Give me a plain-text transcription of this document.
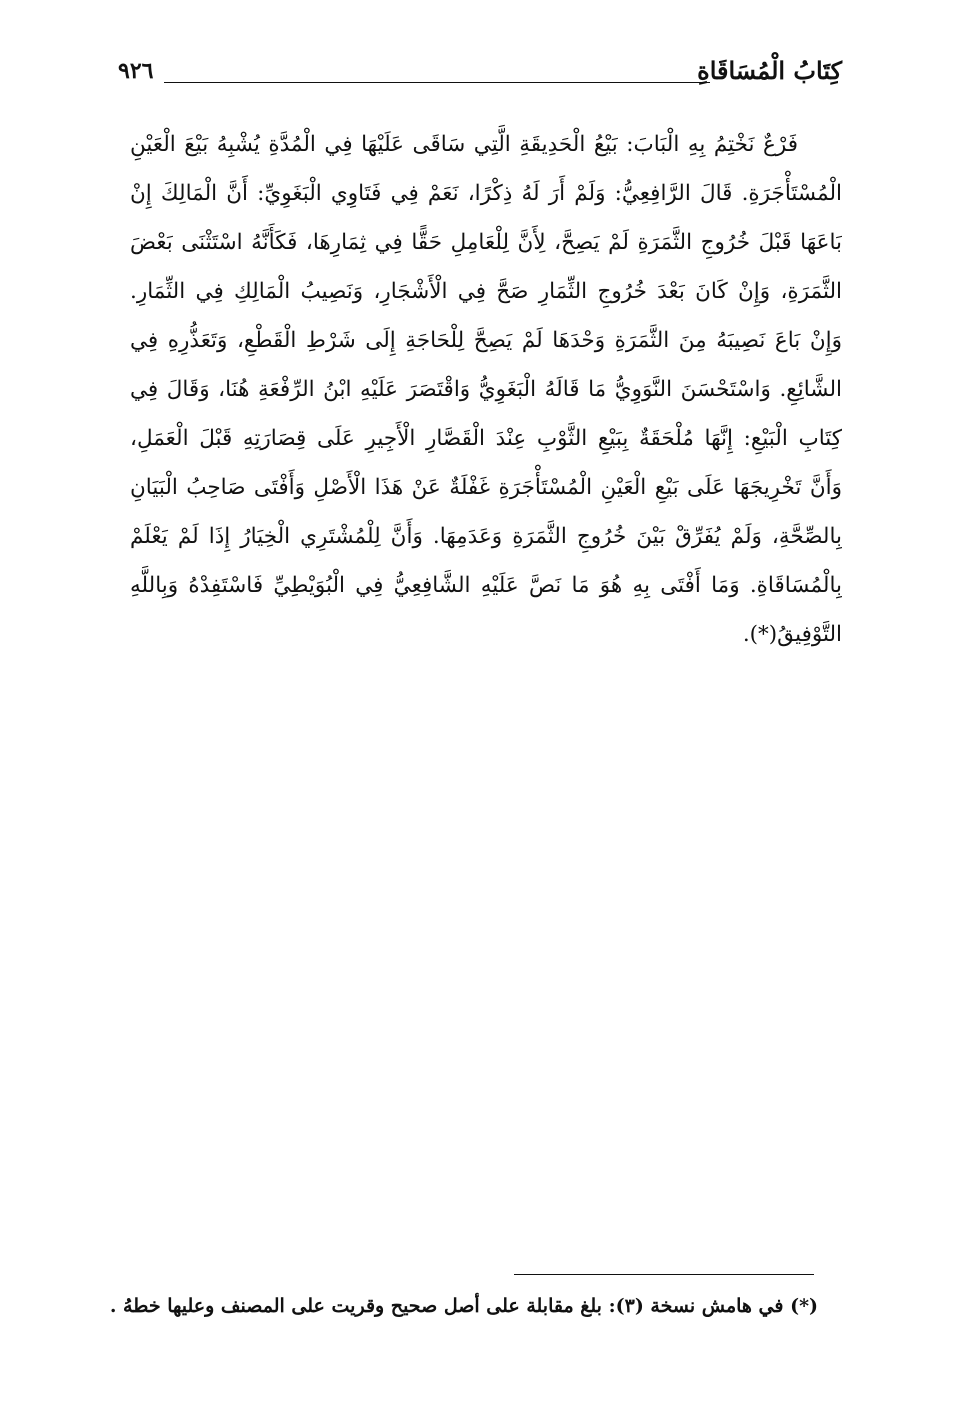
كِتَابُ الْمُسَاقَاةِ
٩٢٦
فَرْعٌ نَخْتِمُ بِهِ الْبَابَ: بَيْعُ الْحَدِيقَةِ الَّتِي سَاقَى عَلَيْهَا فِي الْمُدَّةِ يُشْبِهُ بَيْعَ الْعَيْنِ
الْمُسْتَأْجَرَةِ. قَالَ الرَّافِعِيُّ: وَلَمْ أَرَ لَهُ ذِكْرًا، نَعَمْ فِي فَتَاوِي الْبَغَوِيِّ: أَنَّ الْمَالِكَ إِنْ
بَاعَهَا قَبْلَ خُرُوجِ الثَّمَرَةِ لَمْ يَصِحَّ، لِأَنَّ لِلْعَامِلِ حَقًّا فِي ثِمَارِهَا، فَكَأَنَّهُ اسْتَثْنَى بَعْضَ
الثَّمَرَةِ، وَإِنْ كَانَ بَعْدَ خُرُوجِ الثِّمَارِ صَحَّ فِي الْأَشْجَارِ، وَنَصِيبُ الْمَالِكِ فِي الثِّمَارِ.
وَإِنْ بَاعَ نَصِيبَهُ مِنَ الثَّمَرَةِ وَحْدَهَا لَمْ يَصِحَّ لِلْحَاجَةِ إِلَى شَرْطِ الْقَطْعِ، وَتَعَذُّرِهِ فِي
الشَّائِعِ. وَاسْتَحْسَنَ النَّوَوِيُّ مَا قَالَهُ الْبَغَوِيُّ وَاقْتَصَرَ عَلَيْهِ ابْنُ الرِّفْعَةِ هُنَا، وَقَالَ فِي
كِتَابِ الْبَيْعِ: إِنَّهَا مُلْحَقَةٌ بِبَيْعِ الثَّوْبِ عِنْدَ الْقَصَّارِ الْأَجِيرِ عَلَى قِصَارَتِهِ قَبْلَ الْعَمَلِ،
وَأَنَّ تَخْرِيجَهَا عَلَى بَيْعِ الْعَيْنِ الْمُسْتَأْجَرَةِ غَفْلَةٌ عَنْ هَذَا الْأَصْلِ وَأَفْتَى صَاحِبُ الْبَيَانِ
بِالصِّحَّةِ، وَلَمْ يُفَرِّقْ بَيْنَ خُرُوجِ الثَّمَرَةِ وَعَدَمِهَا. وَأَنَّ لِلْمُشْتَرِي الْخِيَارُ إِذَا لَمْ يَعْلَمْ
بِالْمُسَاقَاةِ. وَمَا أَفْتَى بِهِ هُوَ مَا نَصَّ عَلَيْهِ الشَّافِعِيُّ فِي الْبُوَيْطِيِّ فَاسْتَفِدْهُ وَبِاللَّهِ
التَّوْفِيقُ(*).
(*) في هامش نسخة (٣): بلغ مقابلة على أصل صحيح وقريت على المصنف وعليها خطهُ .
